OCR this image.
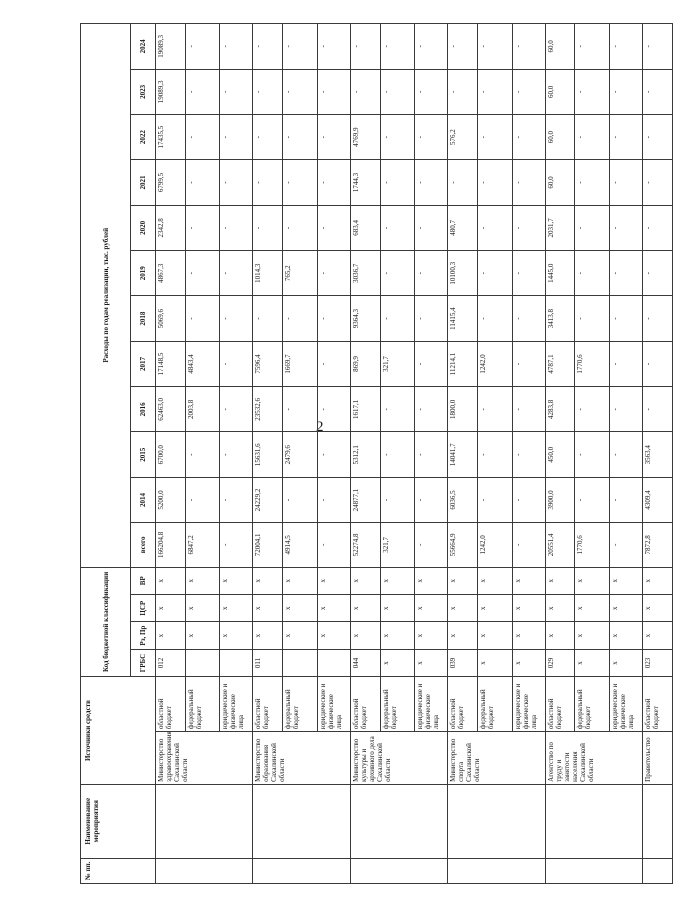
2
№ пп.	Наименование мероприятия	Источники средств		Код бюджетной классификации				Расходы по годам реализации, тыс. рублей											
				ГРБС	Рз, Пр	ЦСР	ВР	всего	2014	2015	2016	2017	2018	2019	2020	2021	2022	2023	2024
		Министерство здравоохранения Сахалинской области	областной бюджет	012	х	х	х	166204,8	5200,0	6700,0	62463,0	17148,5	5069,6	4867,3	2342,8	6799,5	17435,5	19089,3	19089,3
			федеральный бюджет		х	х	х	6847,2	-	-	2003,8	4843,4	-	-	-	-	-	-	-
			юридические и физические лица		х	х	х	-	-	-	-	-	-	-	-	-	-	-	-
		Министерство образования Сахалинской области	областной бюджет	011	х	х	х	72004,1	24229,2	15631,6	23532,6	7596,4	-	1014,3	-	-	-	-	-
			федеральный бюджет		х	х	х	4914,5	-	2479,6	-	1669,7	-	765,2	-	-	-	-	-
			юридические и физические лица		х	х	х	-	-	-	-	-	-	-	-	-	-	-	-
		Министерство культуры и архивного дела Сахалинской области	областной бюджет	044	х	х	х	52274,8	24877,1	5312,1	1617,1	869,9	9364,3	3036,7	683,4	1744,3	4769,9	-	-
			федеральный бюджет	х	х	х	х	321,7	-	-	-	321,7	-	-	-	-	-	-	-
			юридические и физические лица	х	х	х	х	-	-	-	-	-	-	-	-	-	-	-	-
		Министерство спорта Сахалинской области	областной бюджет	039	х	х	х	55664,9	6036,5	14041,7	1800,0	11214,1	11415,4	10100,3	480,7	-	576,2	-	-
			федеральный бюджет	х	х	х	х	1242,0	-	-	-	1242,0	-	-	-	-	-	-	-
			юридические и физические лица	х	х	х	х	-	-	-	-	-	-	-	-	-	-	-	-
		Агентство по труду и занятости населения Сахалинской области	областной бюджет	029	х	х	х	20551,4	3900,0	450,0	4283,8	4787,1	3413,8	1445,0	2031,7	60,0	60,0	60,0	60,0
			федеральный бюджет	х	х	х	х	1770,6	-	-	-	1770,6	-	-	-	-	-	-	-
			юридические и физические лица	х	х	х	х	-	-	-	-	-	-	-	-	-	-	-	-
		Правительство	областной бюджет	023	х	х	х	7872,8	4309,4	3563,4	-	-	-	-	-	-	-	-	-
